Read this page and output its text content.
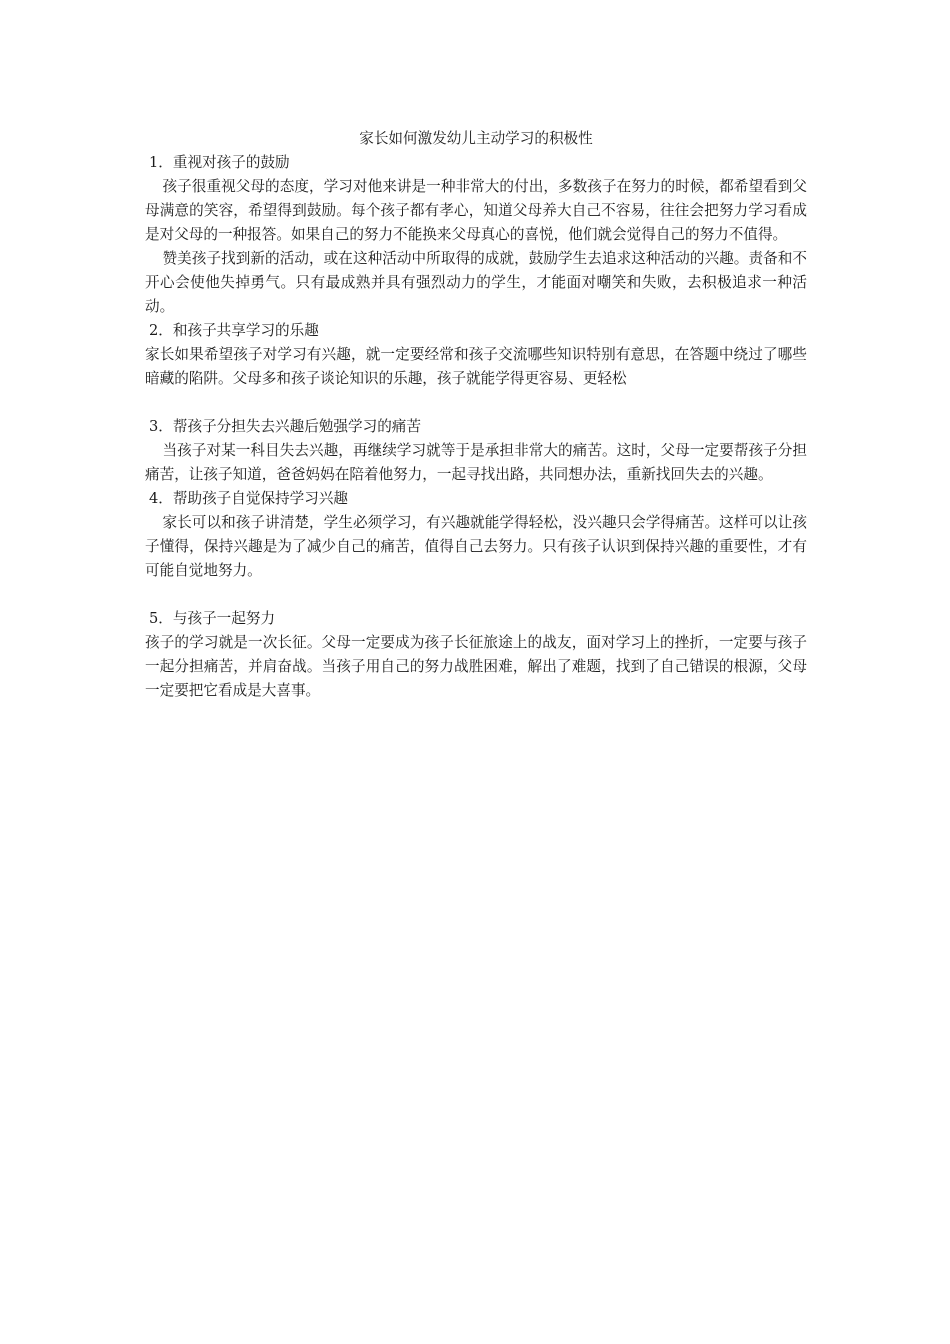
家长如何激发幼儿主动学习的积极性
1．重视对孩子的鼓励

孩子很重视父母的态度，学习对他来讲是一种非常大的付出，多数孩子在努力的时候，都希望看到父母满意的笑容，希望得到鼓励。每个孩子都有孝心，知道父母养大自己不容易，往往会把努力学习看成是对父母的一种报答。如果自己的努力不能换来父母真心的喜悦，他们就会觉得自己的努力不值得。

赞美孩子找到新的活动，或在这种活动中所取得的成就，鼓励学生去追求这种活动的兴趣。责备和不开心会使他失掉勇气。只有最成熟并具有强烈动力的学生，才能面对嘲笑和失败，去积极追求一种活动。

2．和孩子共享学习的乐趣

家长如果希望孩子对学习有兴趣，就一定要经常和孩子交流哪些知识特别有意思，在答题中绕过了哪些暗藏的陷阱。父母多和孩子谈论知识的乐趣，孩子就能学得更容易、更轻松

3．帮孩子分担失去兴趣后勉强学习的痛苦

当孩子对某一科目失去兴趣，再继续学习就等于是承担非常大的痛苦。这时，父母一定要帮孩子分担痛苦，让孩子知道，爸爸妈妈在陪着他努力，一起寻找出路，共同想办法，重新找回失去的兴趣。

4．帮助孩子自觉保持学习兴趣

家长可以和孩子讲清楚，学生必须学习，有兴趣就能学得轻松，没兴趣只会学得痛苦。这样可以让孩子懂得，保持兴趣是为了减少自己的痛苦，值得自己去努力。只有孩子认识到保持兴趣的重要性，才有可能自觉地努力。

5．与孩子一起努力

孩子的学习就是一次长征。父母一定要成为孩子长征旅途上的战友，面对学习上的挫折，一定要与孩子一起分担痛苦，并肩奋战。当孩子用自己的努力战胜困难，解出了难题，找到了自己错误的根源，父母一定要把它看成是大喜事。
